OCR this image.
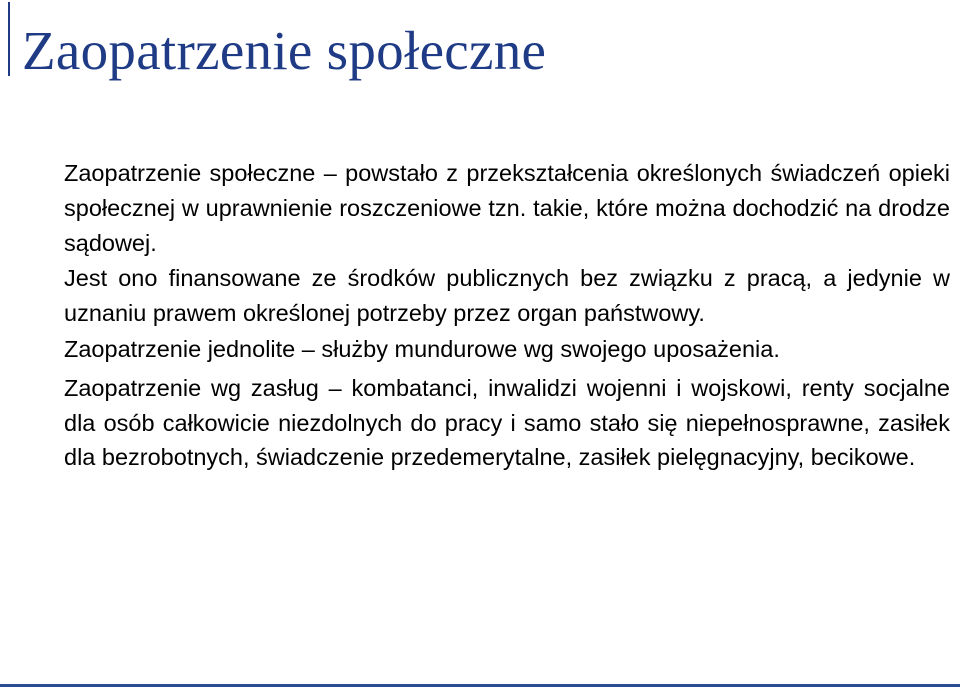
Zaopatrzenie społeczne

Zaopatrzenie społeczne – powstało z przekształcenia określonych świadczeń opieki społecznej w uprawnienie roszczeniowe tzn. takie, które można dochodzić na drodze sądowej.

Jest ono finansowane ze środków publicznych bez związku z pracą, a jedynie w uznaniu prawem określonej potrzeby przez organ państwowy.

Zaopatrzenie jednolite – służby mundurowe wg swojego uposażenia.

Zaopatrzenie wg zasług – kombatanci, inwalidzi wojenni i wojskowi, renty socjalne dla osób całkowicie niezdolnych do pracy i samo stało się niepełnosprawne, zasiłek dla bezrobotnych, świadczenie przedemerytalne, zasiłek pielęgnacyjny, becikowe.
